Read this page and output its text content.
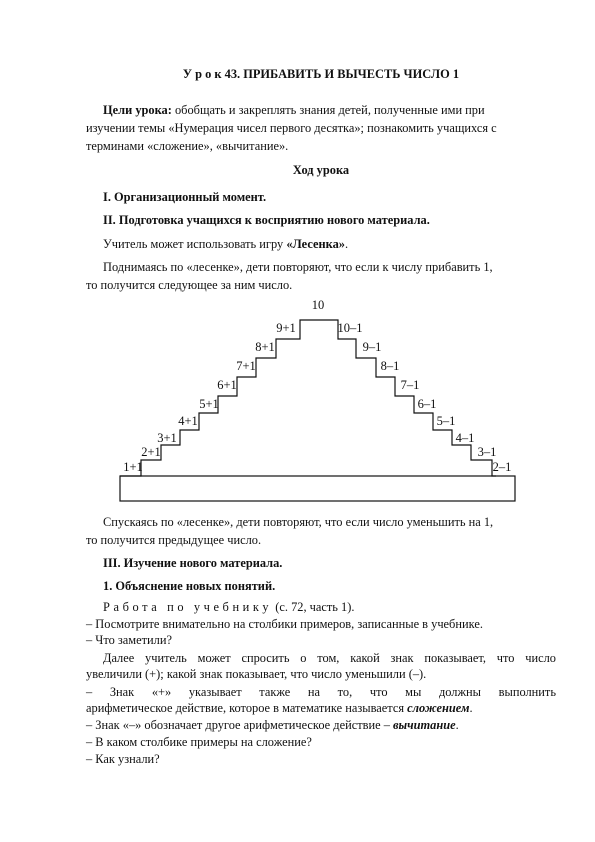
У р о к 43. ПРИБАВИТЬ И ВЫЧЕСТЬ ЧИСЛО 1
Цели урока: обобщать и закреплять знания детей, полученные ими при
изучении темы «Нумерация чисел первого десятка»; познакомить учащихся с
терминами «сложение», «вычитание».
Ход урока
I. Организационный момент.
II. Подготовка учащихся к восприятию нового материала.
Учитель может использовать игру «Лесенка».
Поднимаясь по «лесенке», дети повторяют, что если к числу прибавить 1,
то получится следующее за ним число.
10
1+1
2+1
3+1
4+1
5+1
6+1
7+1
8+1
9+1	10–1
9–1
8–1
7–1
6–1
5–1
4–1
3–1
2–1
Спускаясь по «лесенке», дети повторяют, что если число уменьшить на 1,
то получится предыдущее число.
III. Изучение нового материала.
1. Объяснение новых понятий.
Работа по учебнику (с. 72, часть 1).
– Посмотрите внимательно на столбики примеров, записанные в учебнике.
– Что заметили?
Далее учитель может спросить о том, какой знак показывает, что число
увеличили (+); какой знак показывает, что число уменьшили (–).
– Знак «+» указывает также на то, что мы должны выполнить
арифметическое действие, которое в математике называется сложением.
– Знак «–» обозначает другое арифметическое действие – вычитание.
– В каком столбике примеры на сложение?
– Как узнали?
